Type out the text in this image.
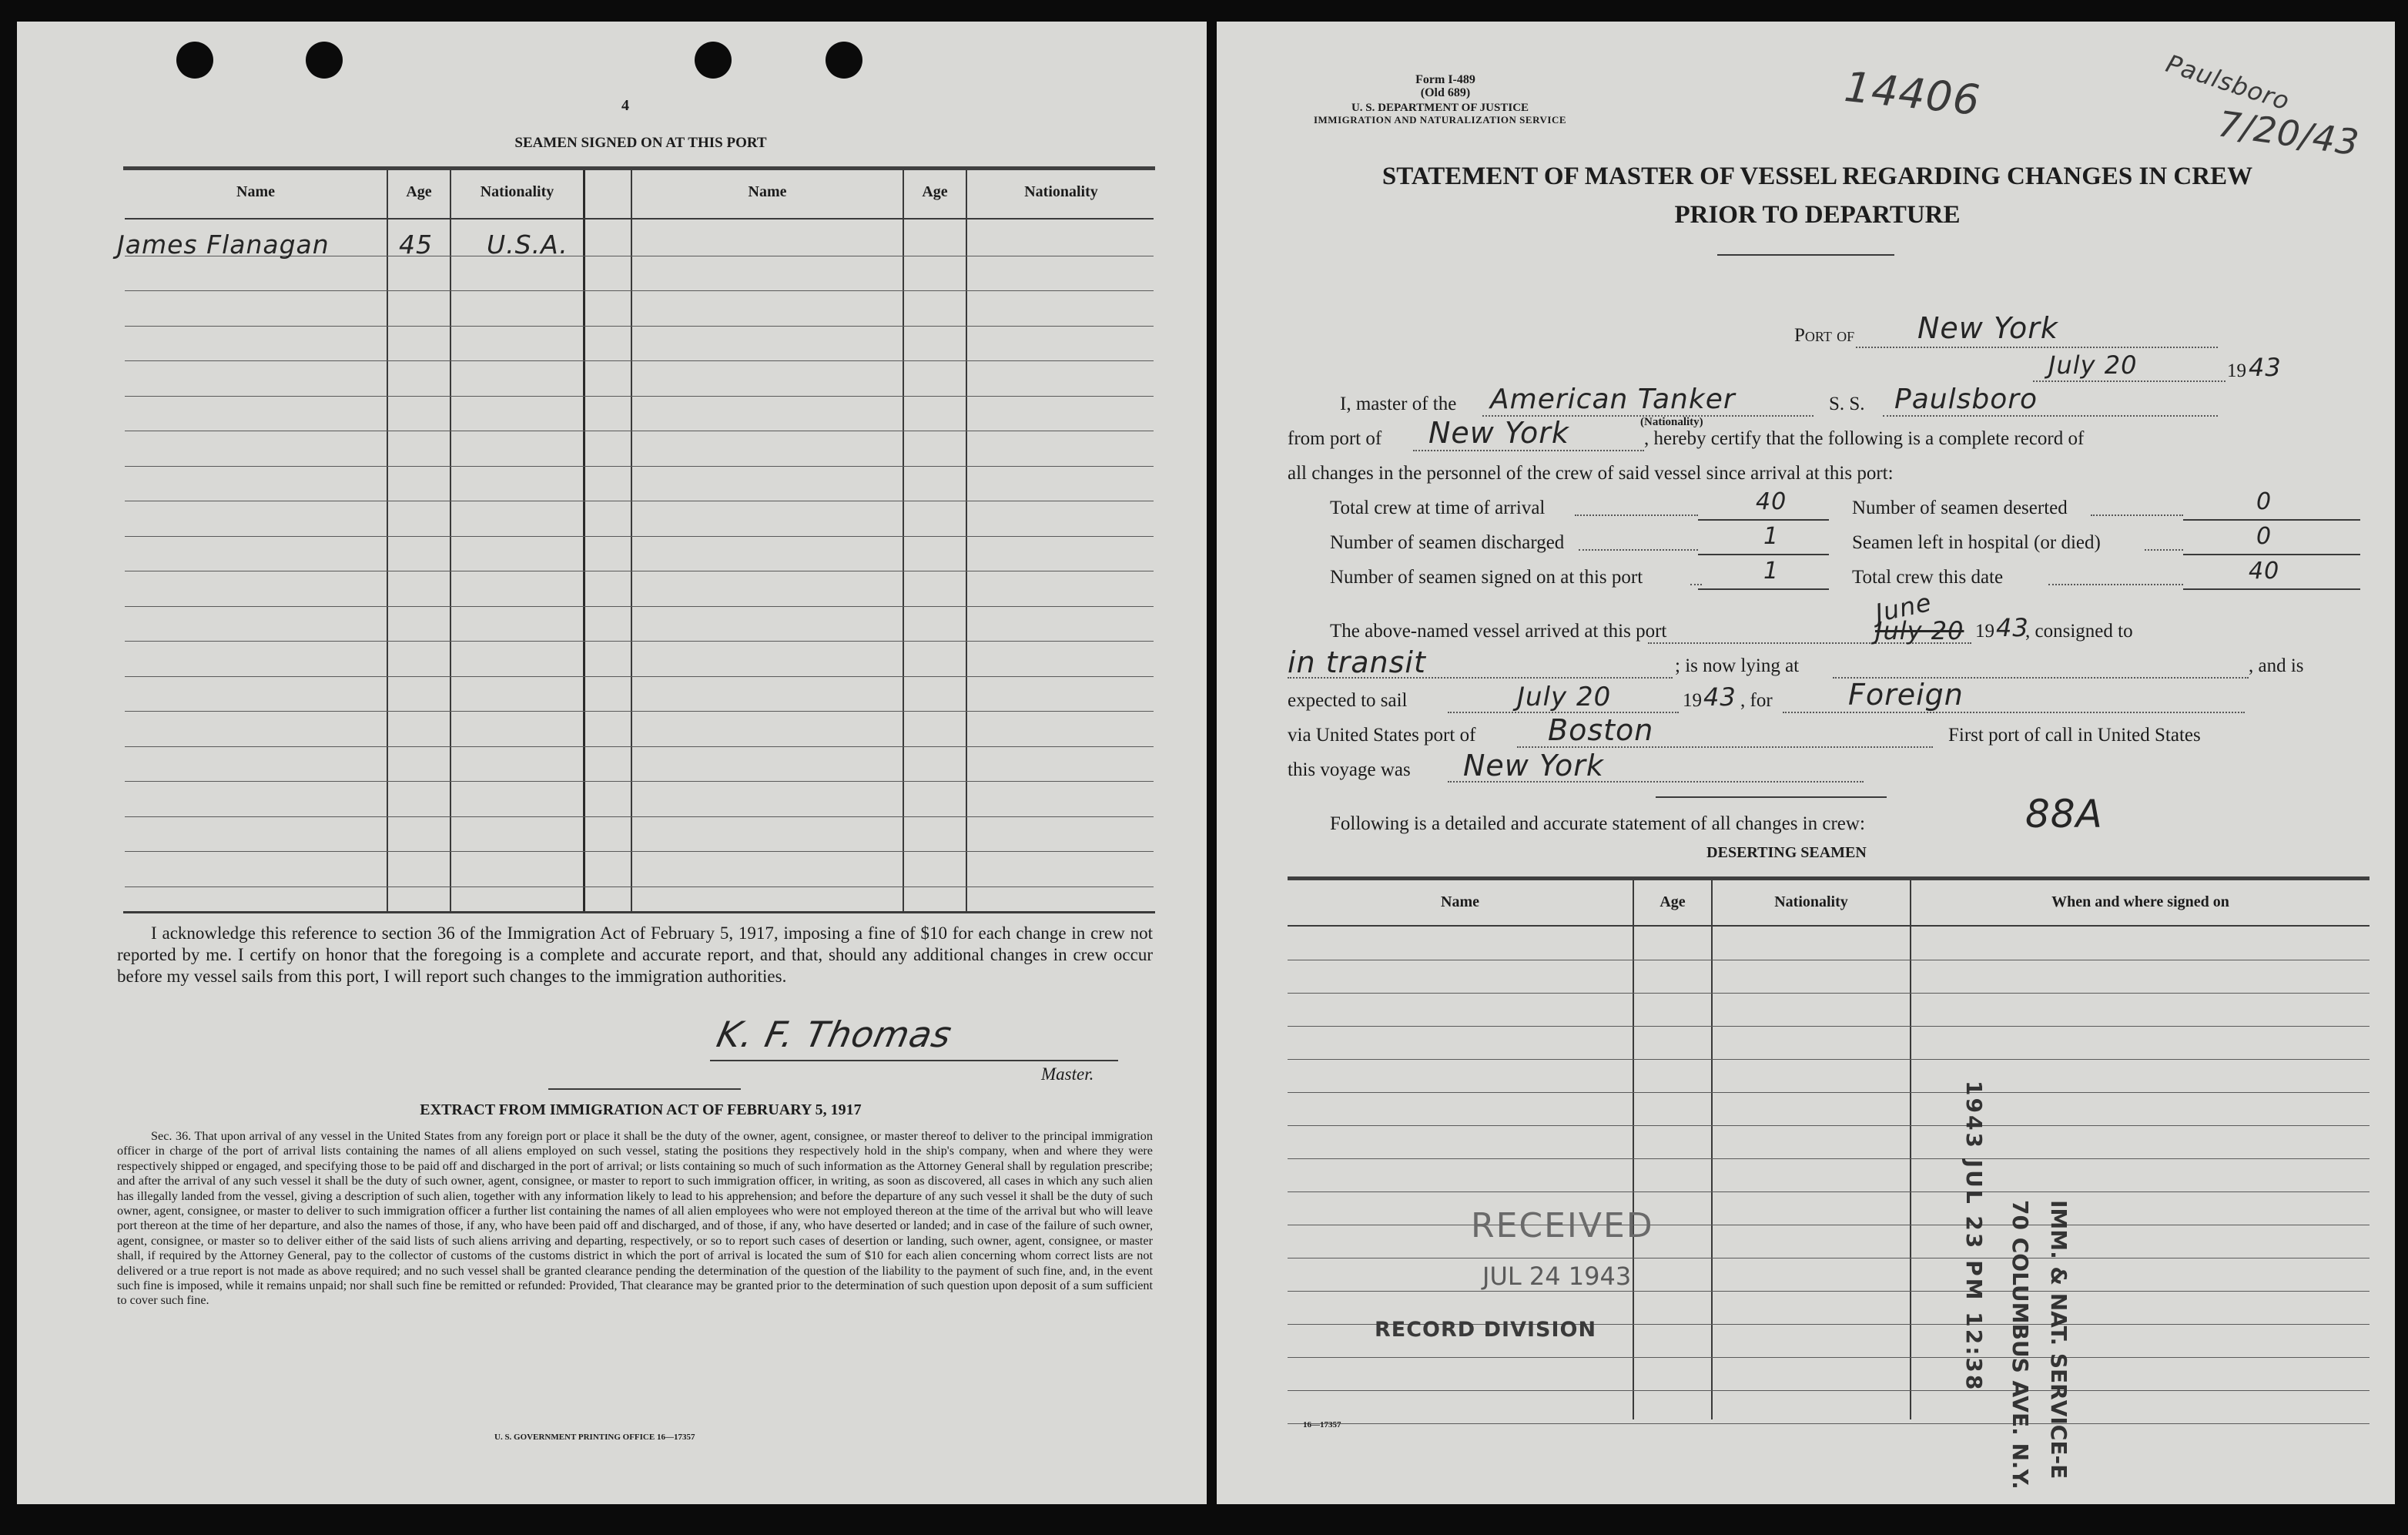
4
SEAMEN SIGNED ON AT THIS PORT
Name	Age	Nationality	Name	Age	Nationality
James Flanagan	45 U.S.A.
I acknowledge this reference to section 36 of the Immigration Act of February 5, 1917, imposing a fine of $10 for each change in crew not reported by me. I certify on honor that the foregoing is a complete and accurate report, and that, should any additional changes in crew occur before my vessel sails from this port, I will report such changes to the immigration authorities.
K. F. Thomas
Master.
EXTRACT FROM IMMIGRATION ACT OF FEBRUARY 5, 1917
Sec. 36. That upon arrival of any vessel in the United States from any foreign port or place it shall be the duty of the owner, agent, consignee, or master thereof to deliver to the principal immigration officer in charge of the port of arrival lists containing the names of all aliens employed on such vessel, stating the positions they respectively hold in the ship's company, when and where they were respectively shipped or engaged, and specifying those to be paid off and discharged in the port of arrival; or lists containing so much of such information as the Attorney General shall by regulation prescribe; and after the arrival of any such vessel it shall be the duty of such owner, agent, consignee, or master to report to such immigration officer, in writing, as soon as discovered, all cases in which any such alien has illegally landed from the vessel, giving a description of such alien, together with any information likely to lead to his apprehension; and before the departure of any such vessel it shall be the duty of such owner, agent, consignee, or master to deliver to such immigration officer a further list containing the names of all alien employees who were not employed thereon at the time of the arrival but who will leave port thereon at the time of her departure, and also the names of those, if any, who have been paid off and discharged, and of those, if any, who have deserted or landed; and in case of the failure of such owner, agent, consignee, or master so to deliver either of the said lists of such aliens arriving and departing, respectively, or so to report such cases of desertion or landing, such owner, agent, consignee, or master shall, if required by the Attorney General, pay to the collector of customs of the customs district in which the port of arrival is located the sum of $10 for each alien concerning whom correct lists are not delivered or a true report is not made as above required; and no such vessel shall be granted clearance pending the determination of the question of the liability to the payment of such fine, and, in the event such fine is imposed, while it remains unpaid; nor shall such fine be remitted or refunded: Provided, That clearance may be granted prior to the determination of such question upon deposit of a sum sufficient to cover such fine.
U. S. GOVERNMENT PRINTING OFFICE 16—17357
Form I-489
(Old 689)
U. S. DEPARTMENT OF JUSTICE
IMMIGRATION AND NATURALIZATION SERVICE	14406	Paulsboro
7/20/43
STATEMENT OF MASTER OF VESSEL REGARDING CHANGES IN CREW
PRIOR TO DEPARTURE
Port of New York
July 20	19 43
I, master of the American Tanker
(Nationality)
S. S. Paulsboro
from port of New York	, hereby certify that the following is a complete record of
all changes in the personnel of the crew of said vessel since arrival at this port:
Total crew at time of arrival	40
Number of seamen discharged	1
Number of seamen signed on at this port	1
Number of seamen deserted	0
Seamen left in hospital (or died)	0
Total crew this date	40
The above-named vessel arrived at this port
June
July 20 19 43
, consigned to
in transit	; is now lying at	, and is
expected to sail	July 20	19 43 , for	Foreign
via United States port of Boston	First port of call in United States
this voyage was New York
Following is a detailed and accurate statement of all changes in crew:	88A
DESERTING SEAMEN
Name	Age	Nationality	When and where signed on
RECEIVED
JUL 24 1943
RECORD DIVISION	IMM. & NAT. SERVICE-E
70 COLUMBUS AVE. N.Y.
1943 JUL 23 PM 12:38
16—17357
